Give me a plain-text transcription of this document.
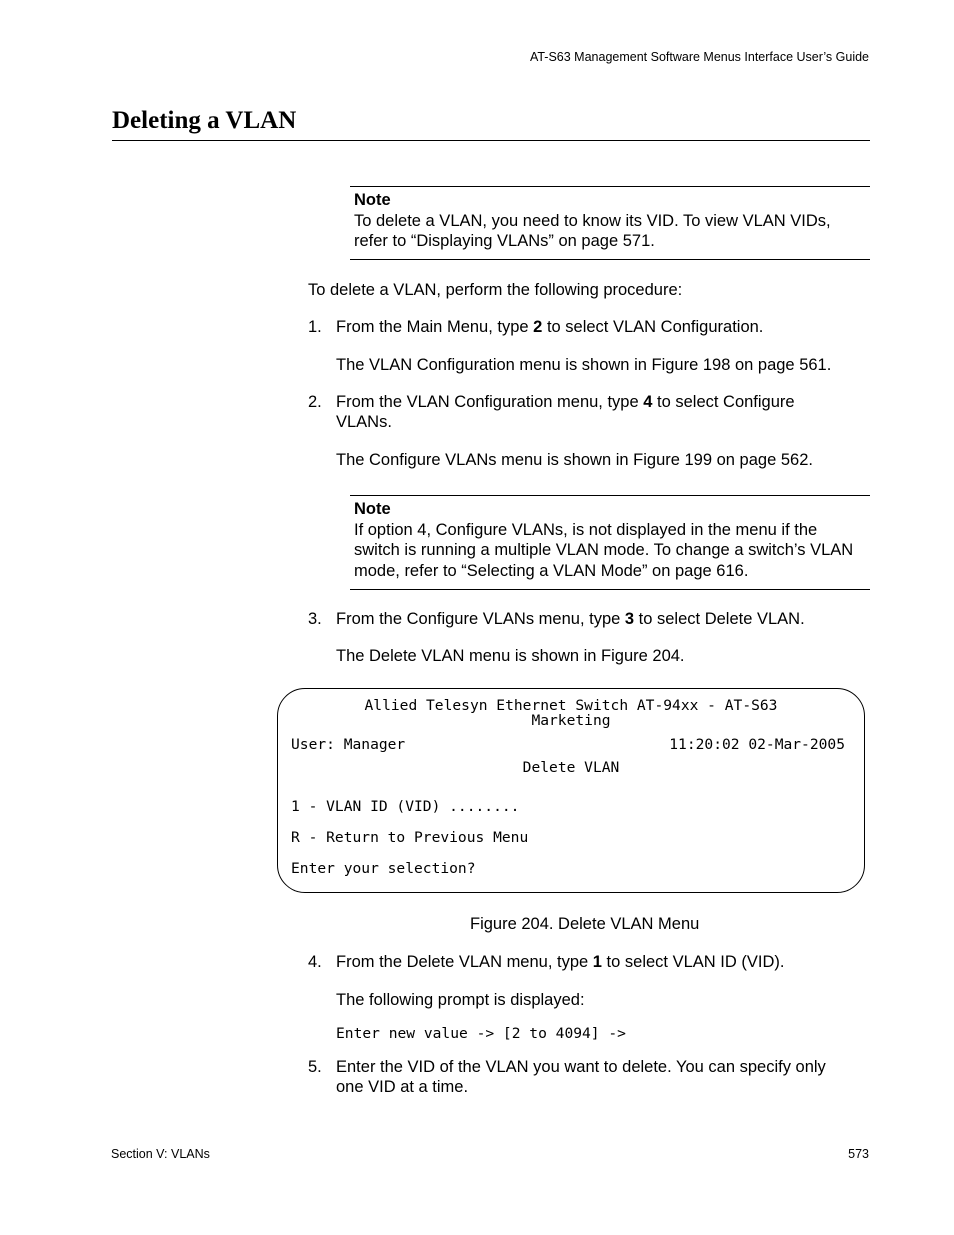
AT-S63 Management Software Menus Interface User’s Guide
Deleting a VLAN
Note
To delete a VLAN, you need to know its VID. To view VLAN VIDs,
refer to “Displaying VLANs” on page 571.
To delete a VLAN, perform the following procedure:
1. From the Main Menu, type 2 to select VLAN Configuration.
The VLAN Configuration menu is shown in Figure 198 on page 561.
2. From the VLAN Configuration menu, type 4 to select Configure
VLANs.
The Configure VLANs menu is shown in Figure 199 on page 562.
Note
If option 4, Configure VLANs, is not displayed in the menu if the
switch is running a multiple VLAN mode. To change a switch’s VLAN
mode, refer to “Selecting a VLAN Mode” on page 616.
3. From the Configure VLANs menu, type 3 to select Delete VLAN.
The Delete VLAN menu is shown in Figure 204.
Allied Telesyn Ethernet Switch AT-94xx - AT-S63
Marketing
User: Manager	11:20:02 02-Mar-2005
Delete VLAN
1 - VLAN ID (VID) ........
R - Return to Previous Menu
Enter your selection?
Figure 204. Delete VLAN Menu
4. From the Delete VLAN menu, type 1 to select VLAN ID (VID).
The following prompt is displayed:
Enter new value -> [2 to 4094] ->
5. Enter the VID of the VLAN you want to delete. You can specify only
one VID at a time.
Section V: VLANs	573
